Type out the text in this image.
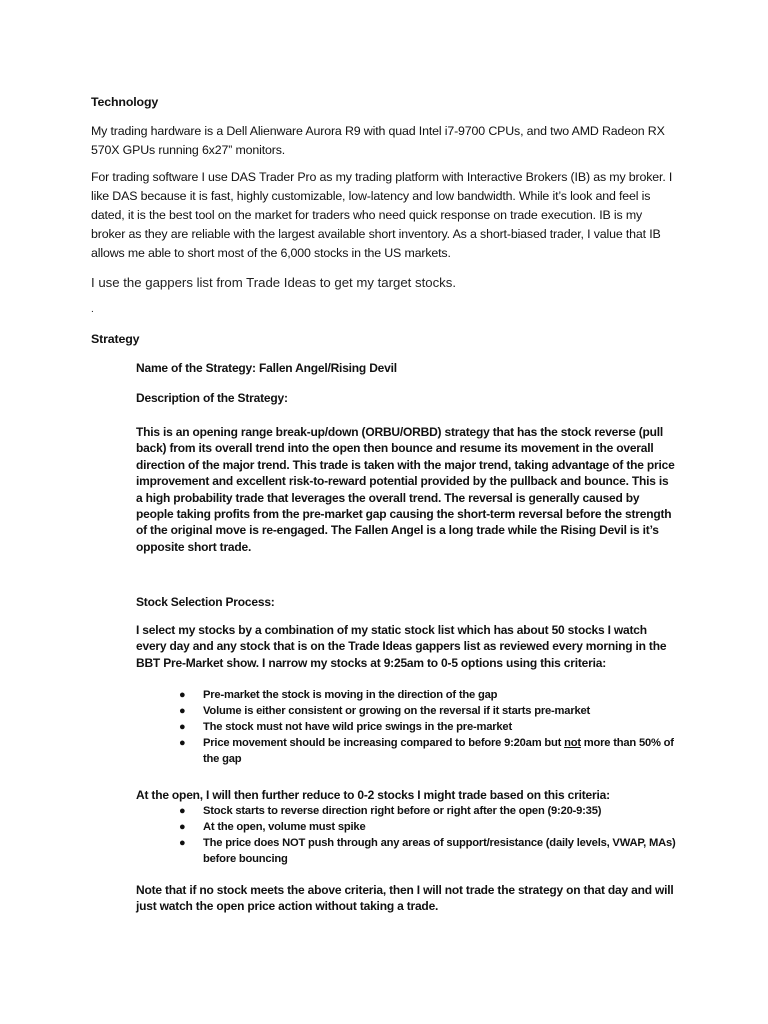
Technology

My trading hardware is a Dell Alienware Aurora R9 with quad Intel i7-9700 CPUs, and two AMD Radeon RX 570X GPUs running 6x27” monitors.

For trading software I use DAS Trader Pro as my trading platform with Interactive Brokers (IB) as my broker. I like DAS because it is fast, highly customizable, low-latency and low bandwidth. While it’s look and feel is dated, it is the best tool on the market for traders who need quick response on trade execution. IB is my broker as they are reliable with the largest available short inventory. As a short-biased trader, I value that IB allows me able to short most of the 6,000 stocks in the US markets.

I use the gappers list from Trade Ideas to get my target stocks.

.

Strategy

Name of the Strategy: Fallen Angel/Rising Devil

Description of the Strategy:

This is an opening range break-up/down (ORBU/ORBD) strategy that has the stock reverse (pull back) from its overall trend into the open then bounce and resume its movement in the overall direction of the major trend. This trade is taken with the major trend, taking advantage of the price improvement and excellent risk-to-reward potential provided by the pullback and bounce. This is a high probability trade that leverages the overall trend. The reversal is generally caused by people taking profits from the pre-market gap causing the short-term reversal before the strength of the original move is re-engaged. The Fallen Angel is a long trade while the Rising Devil is it’s opposite short trade.

Stock Selection Process:

I select my stocks by a combination of my static stock list which has about 50 stocks I watch every day and any stock that is on the Trade Ideas gappers list as reviewed every morning in the BBT Pre-Market show. I narrow my stocks at 9:25am to 0-5 options using this criteria:

● Pre-market the stock is moving in the direction of the gap
● Volume is either consistent or growing on the reversal if it starts pre-market
● The stock must not have wild price swings in the pre-market
● Price movement should be increasing compared to before 9:20am but not more than 50% of the gap

At the open, I will then further reduce to 0-2 stocks I might trade based on this criteria:

● Stock starts to reverse direction right before or right after the open (9:20-9:35)
● At the open, volume must spike
● The price does NOT push through any areas of support/resistance (daily levels, VWAP, MAs) before bouncing

Note that if no stock meets the above criteria, then I will not trade the strategy on that day and will just watch the open price action without taking a trade.
